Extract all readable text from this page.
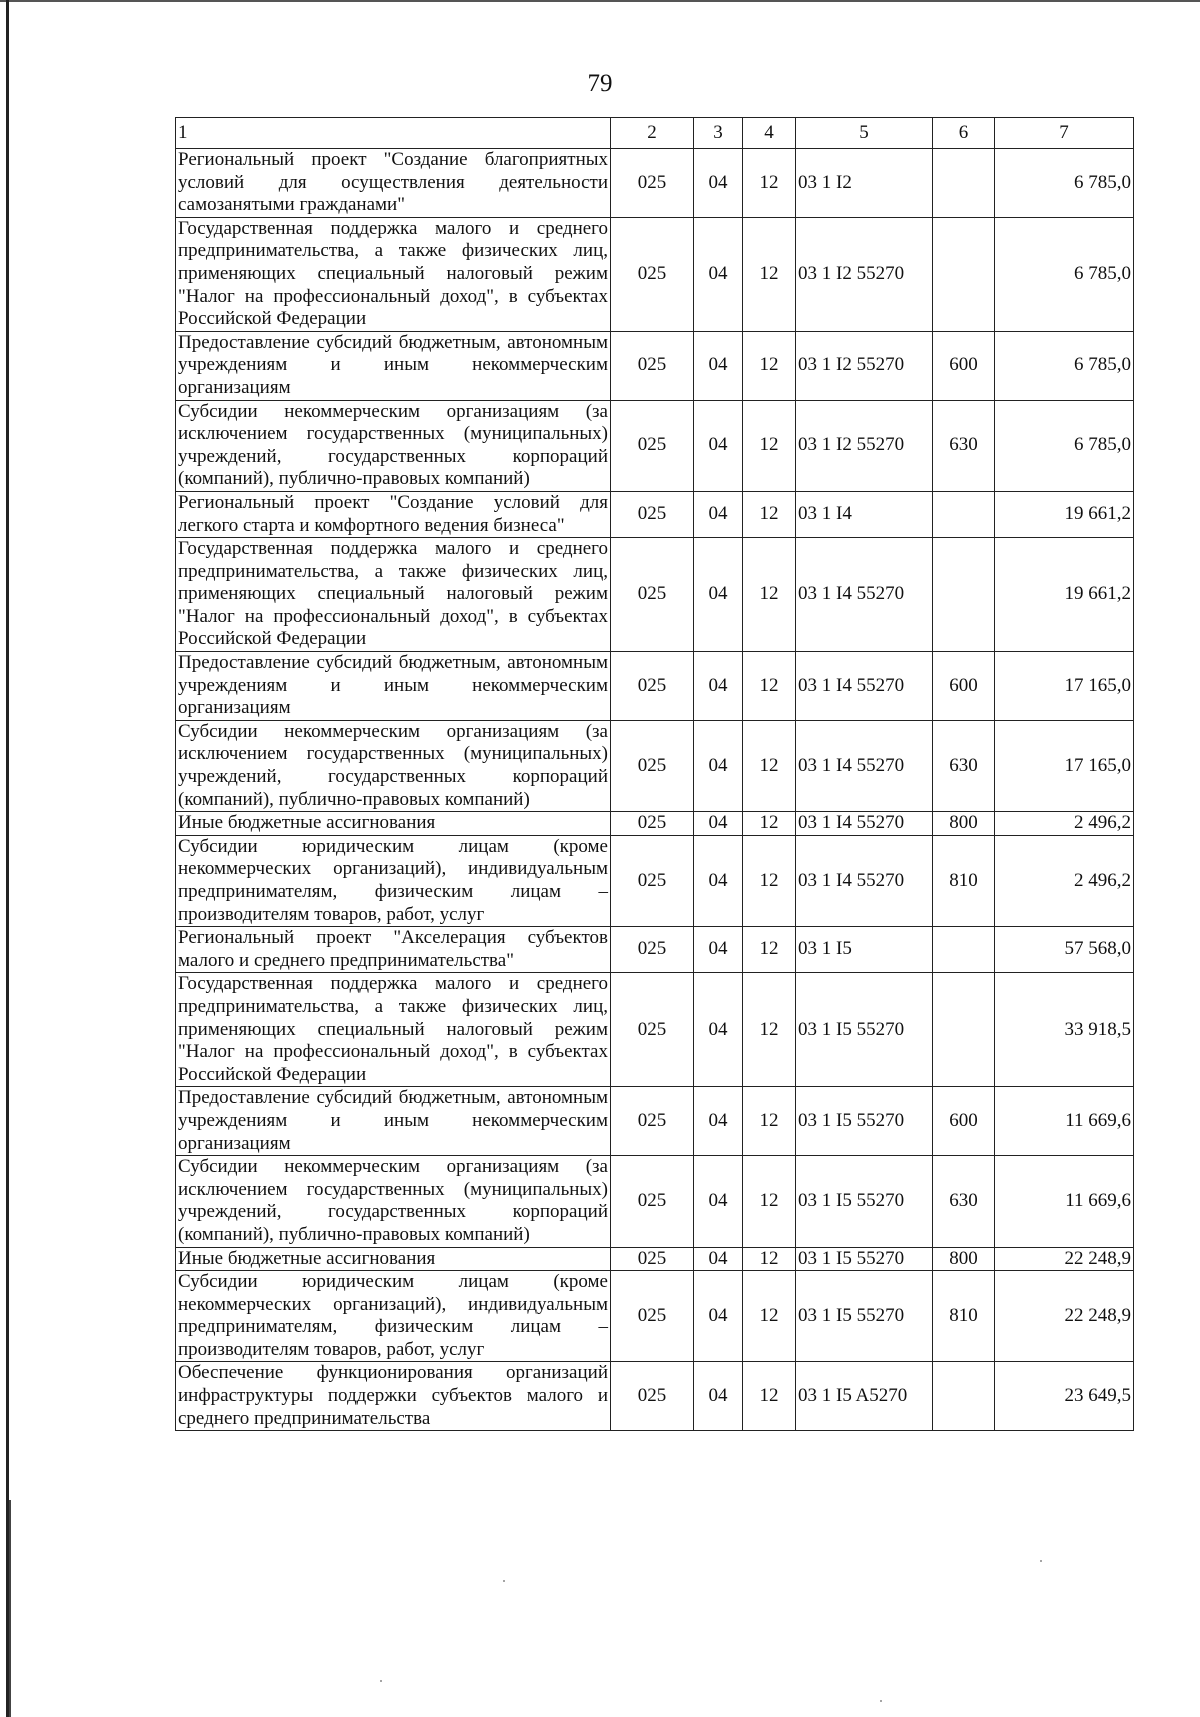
79
1	2	3	4	5	6	7
Региональный проект "Создание благоприятных условий для осуществления деятельности самозанятыми гражданами"	025	04	12	03 1 I2		6 785,0
Государственная поддержка малого и среднего предпринимательства, а также физических лиц, применяющих специальный налоговый режим "Налог на профессиональный доход", в субъектах Российской Федерации	025	04	12	03 1 I2 55270		6 785,0
Предоставление субсидий бюджетным, автономным учреждениям и иным некоммерческим организациям	025	04	12	03 1 I2 55270	600	6 785,0
Субсидии некоммерческим организациям (за исключением государственных (муниципальных) учреждений, государственных корпораций (компаний), публично-правовых компаний)	025	04	12	03 1 I2 55270	630	6 785,0
Региональный проект "Создание условий для легкого старта и комфортного ведения бизнеса"	025	04	12	03 1 I4		19 661,2
Государственная поддержка малого и среднего предпринимательства, а также физических лиц, применяющих специальный налоговый режим "Налог на профессиональный доход", в субъектах Российской Федерации	025	04	12	03 1 I4 55270		19 661,2
Предоставление субсидий бюджетным, автономным учреждениям и иным некоммерческим организациям	025	04	12	03 1 I4 55270	600	17 165,0
Субсидии некоммерческим организациям (за исключением государственных (муниципальных) учреждений, государственных корпораций (компаний), публично-правовых компаний)	025	04	12	03 1 I4 55270	630	17 165,0
Иные бюджетные ассигнования	025	04	12	03 1 I4 55270	800	2 496,2
Субсидии юридическим лицам (кроме некоммерческих организаций), индивидуальным предпринимателям, физическим лицам – производителям товаров, работ, услуг	025	04	12	03 1 I4 55270	810	2 496,2
Региональный проект "Акселерация субъектов малого и среднего предпринимательства"	025	04	12	03 1 I5		57 568,0
Государственная поддержка малого и среднего предпринимательства, а также физических лиц, применяющих специальный налоговый режим "Налог на профессиональный доход", в субъектах Российской Федерации	025	04	12	03 1 I5 55270		33 918,5
Предоставление субсидий бюджетным, автономным учреждениям и иным некоммерческим организациям	025	04	12	03 1 I5 55270	600	11 669,6
Субсидии некоммерческим организациям (за исключением государственных (муниципальных) учреждений, государственных корпораций (компаний), публично-правовых компаний)	025	04	12	03 1 I5 55270	630	11 669,6
Иные бюджетные ассигнования	025	04	12	03 1 I5 55270	800	22 248,9
Субсидии юридическим лицам (кроме некоммерческих организаций), индивидуальным предпринимателям, физическим лицам – производителям товаров, работ, услуг	025	04	12	03 1 I5 55270	810	22 248,9
Обеспечение функционирования организаций инфраструктуры поддержки субъектов малого и среднего предпринимательства	025	04	12	03 1 I5 A5270		23 649,5
